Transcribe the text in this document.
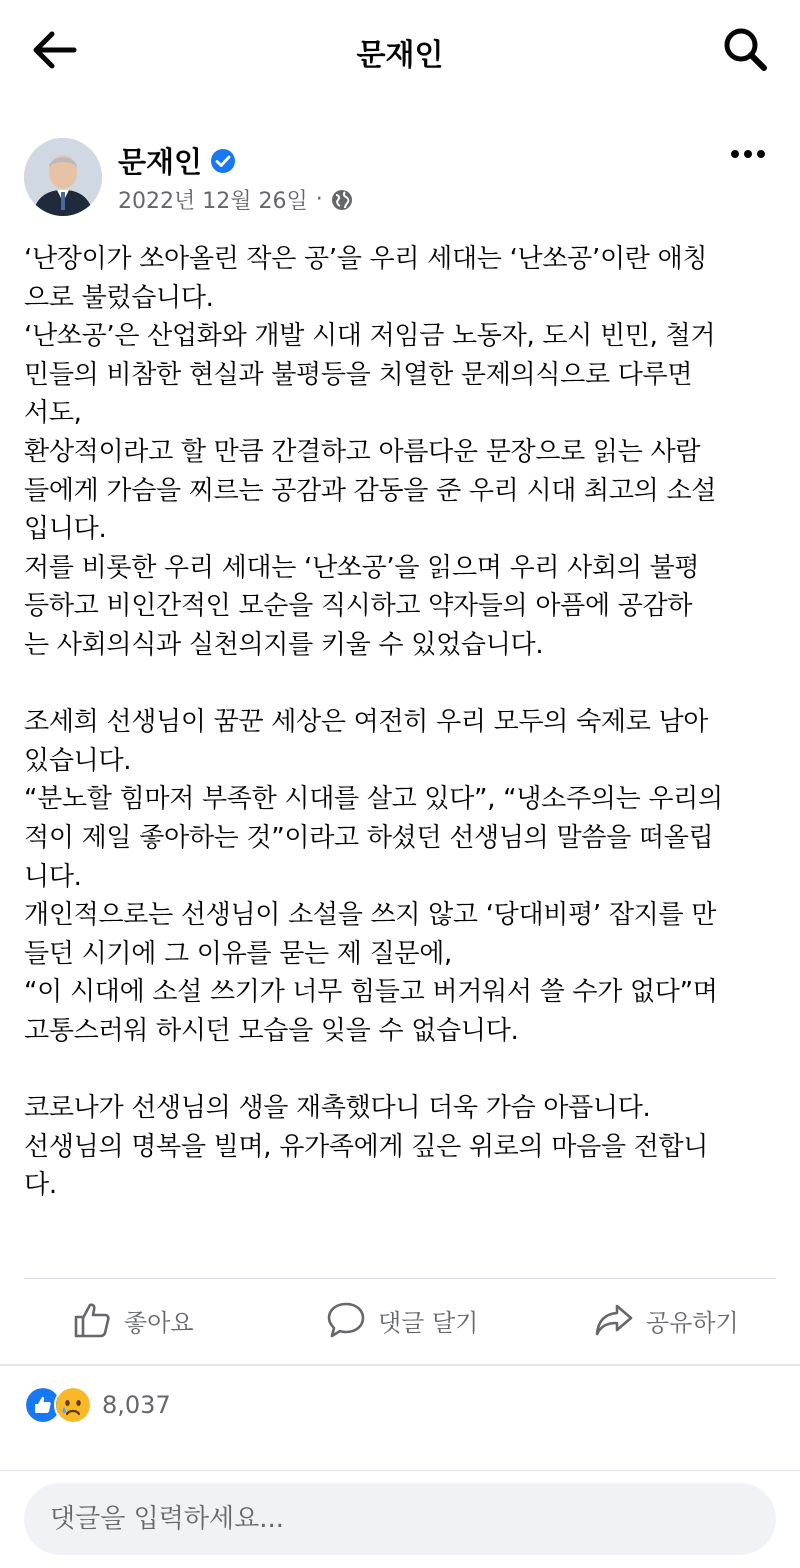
문재인
문재인
2022년 12월 26일 ·

‘난장이가 쏘아올린 작은 공’을 우리 세대는 ‘난쏘공’이란 애칭
으로 불렀습니다.

‘난쏘공’은 산업화와 개발 시대 저임금 노동자, 도시 빈민, 철거
민들의 비참한 현실과 불평등을 치열한 문제의식으로 다루면
서도,

환상적이라고 할 만큼 간결하고 아름다운 문장으로 읽는 사람
들에게 가슴을 찌르는 공감과 감동을 준 우리 시대 최고의 소설
입니다.

저를 비롯한 우리 세대는 ‘난쏘공’을 읽으며 우리 사회의 불평
등하고 비인간적인 모순을 직시하고 약자들의 아픔에 공감하
는 사회의식과 실천의지를 키울 수 있었습니다.

조세희 선생님이 꿈꾼 세상은 여전히 우리 모두의 숙제로 남아
있습니다.

“분노할 힘마저 부족한 시대를 살고 있다”, “냉소주의는 우리의
적이 제일 좋아하는 것”이라고 하셨던 선생님의 말씀을 떠올립
니다.

개인적으로는 선생님이 소설을 쓰지 않고 ‘당대비평’ 잡지를 만
들던 시기에 그 이유를 묻는 제 질문에,

“이 시대에 소설 쓰기가 너무 힘들고 버거워서 쓸 수가 없다”며
고통스러워 하시던 모습을 잊을 수 없습니다.

코로나가 선생님의 생을 재촉했다니 더욱 가슴 아픕니다.

선생님의 명복을 빌며, 유가족에게 깊은 위로의 마음을 전합니
다.

좋아요	댓글 달기	공유하기
8,037
댓글을 입력하세요...
